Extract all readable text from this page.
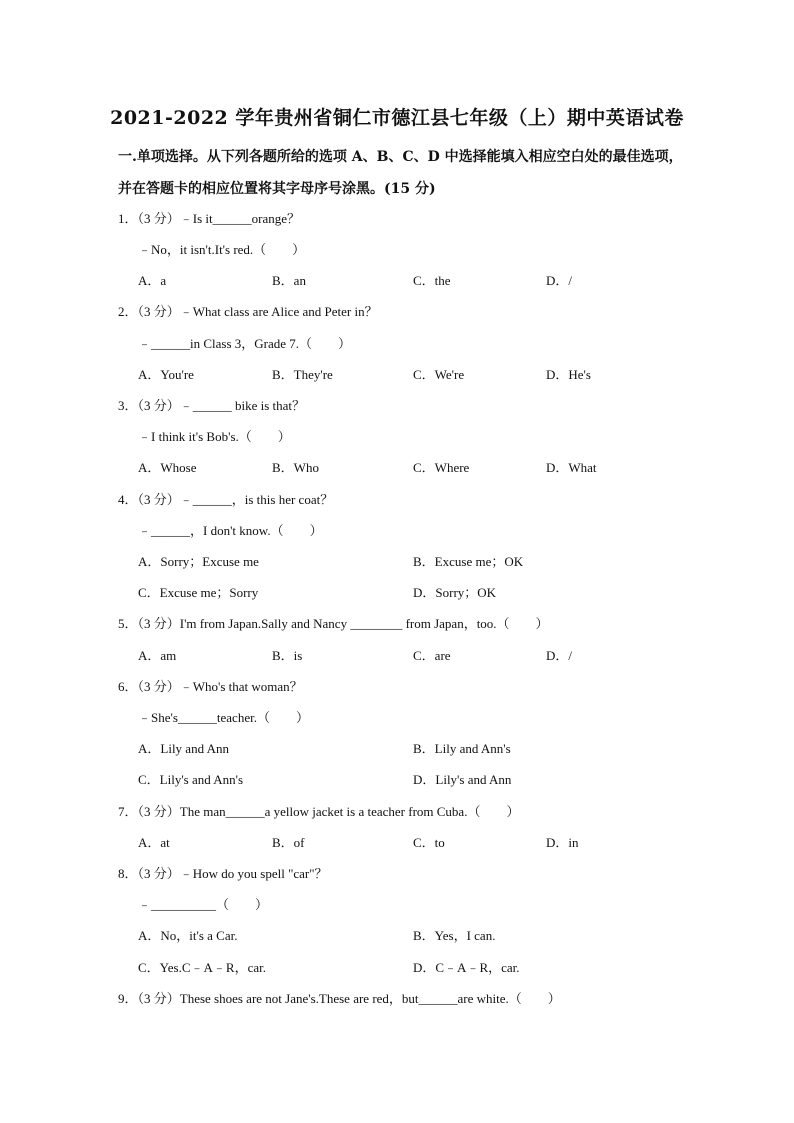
2021-2022 学年贵州省铜仁市德江县七年级（上）期中英语试卷
一.单项选择。从下列各题所给的选项 A、B、C、D 中选择能填入相应空白处的最佳选项，
并在答题卡的相应位置将其字母序号涂黑。(15 分)
1．（3 分）﹣Is it______orange？
﹣No，it isn't.It's red.（　　）
A．a	B．an	C．the	D．/
2．（3 分）﹣What class are Alice and Peter in？
﹣______in Class 3，Grade 7.（　　）
A．You're	B．They're	C．We're	D．He's
3．（3 分）﹣______ bike is that？
﹣I think it's Bob's.（　　）
A．Whose	B．Who	C．Where	D．What
4．（3 分）﹣______，is this her coat？
﹣______，I don't know.（　　）
A．Sorry；Excuse me	B．Excuse me；OK
C．Excuse me；Sorry	D．Sorry；OK
5．（3 分）I'm from Japan.Sally and Nancy ________ from Japan，too.（　　）
A．am	B．is	C．are	D．/
6．（3 分）﹣Who's that woman？
﹣She's______teacher.（　　）
A．Lily and Ann	B．Lily and Ann's
C．Lily's and Ann's	D．Lily's and Ann
7．（3 分）The man______a yellow jacket is a teacher from Cuba.（　　）
A．at	B．of	C．to	D．in
8．（3 分）﹣How do you spell "car"？
﹣__________（　　）
A．No，it's a Car.	B．Yes，I can.
C．Yes.C﹣A﹣R，car.	D．C﹣A﹣R，car.
9．（3 分）These shoes are not Jane's.These are red，but______are white.（　　）
